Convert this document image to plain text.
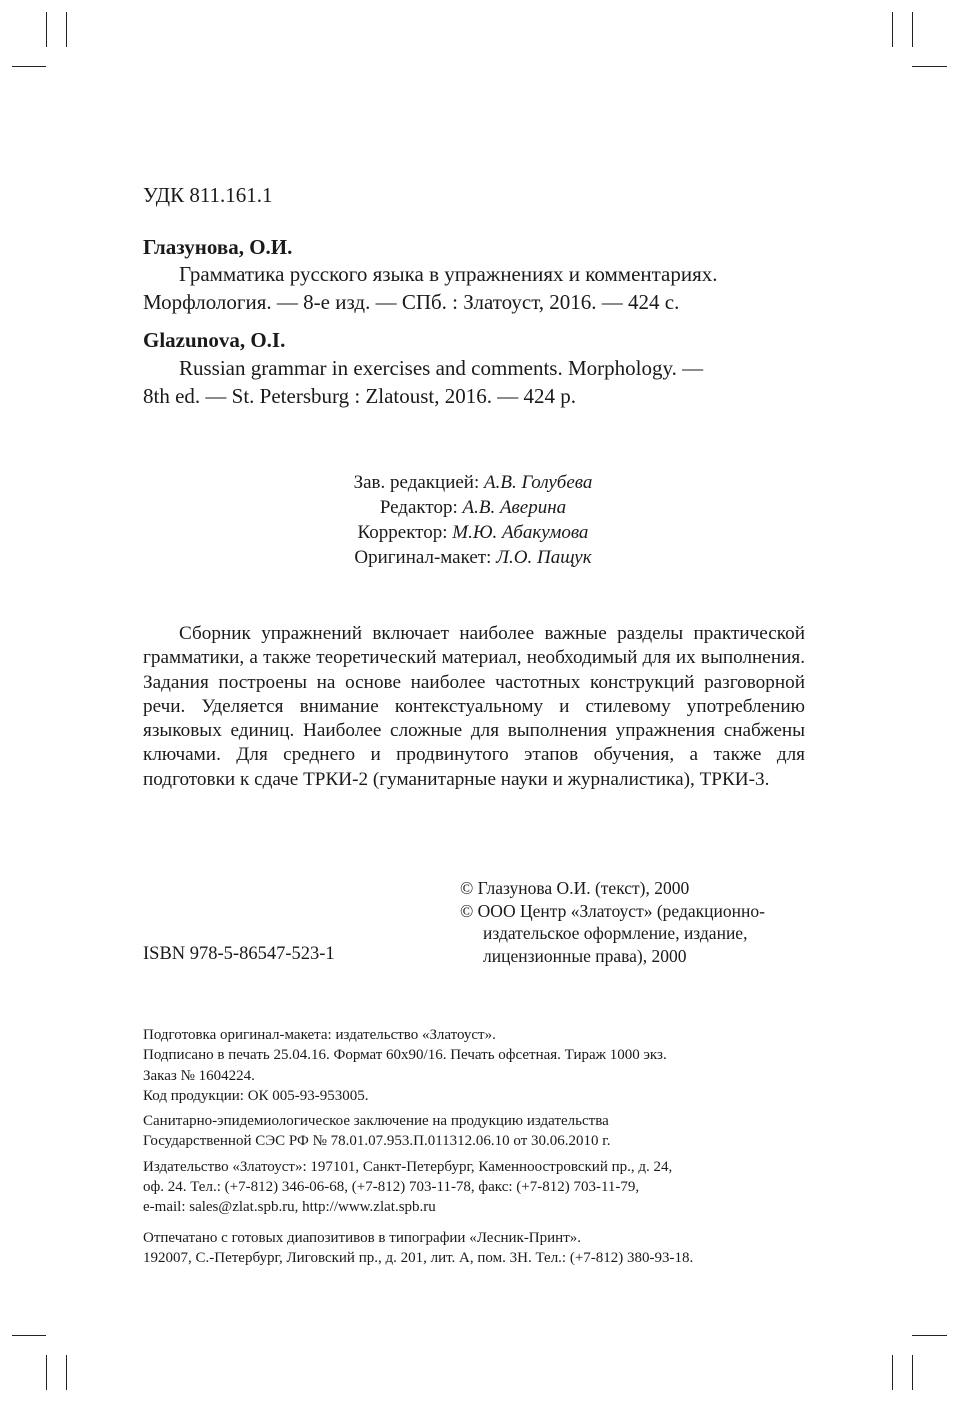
УДК 811.161.1
Глазунова, О.И.
Грамматика русского языка в упражнениях и комментариях.
Морфлология. — 8-е изд. — СПб. : Златоуст, 2016. — 424 с.
Glazunova, O.I.
Russian grammar in exercises and comments. Morphology. —
8th ed. — St. Petersburg : Zlatoust, 2016. — 424 p.
Зав. редакцией: А.В. Голубева
Редактор: А.В. Аверина
Корректор: М.Ю. Абакумова
Оригинал-макет: Л.О. Пащук

Сборник упражнений включает наиболее важные разделы практической грамматики, а также теоретический материал, необходимый для их выполнения. Задания построены на основе наиболее частотных конструкций разговорной речи. Уделяется внимание контекстуальному и стилевому употреблению языковых единиц. Наиболее сложные для выполнения упражнения снабжены ключами. Для среднего и продвинутого этапов обучения, а также для подготовки к сдаче ТРКИ-2 (гуманитарные науки и журналистика), ТРКИ-3.

© Глазунова О.И. (текст), 2000
© ООО Центр «Златоуст» (редакционно-
издательское оформление, издание,
лицензионные права), 2000
ISBN 978-5-86547-523-1
Подготовка оригинал-макета: издательство «Златоуст».
Подписано в печать 25.04.16. Формат 60x90/16. Печать офсетная. Тираж 1000 экз.
Заказ № 1604224.
Код продукции: ОК 005-93-953005.
Санитарно-эпидемиологическое заключение на продукцию издательства
Государственной СЭС РФ № 78.01.07.953.П.011312.06.10 от 30.06.2010 г.
Издательство «Златоуст»: 197101, Санкт-Петербург, Каменноостровский пр., д. 24,
оф. 24. Тел.: (+7-812) 346-06-68, (+7-812) 703-11-78, факс: (+7-812) 703-11-79,
e-mail: sales@zlat.spb.ru, http://www.zlat.spb.ru
Отпечатано с готовых диапозитивов в типографии «Лесник-Принт».
192007, С.-Петербург, Лиговский пр., д. 201, лит. А, пом. 3Н. Тел.: (+7-812) 380-93-18.
